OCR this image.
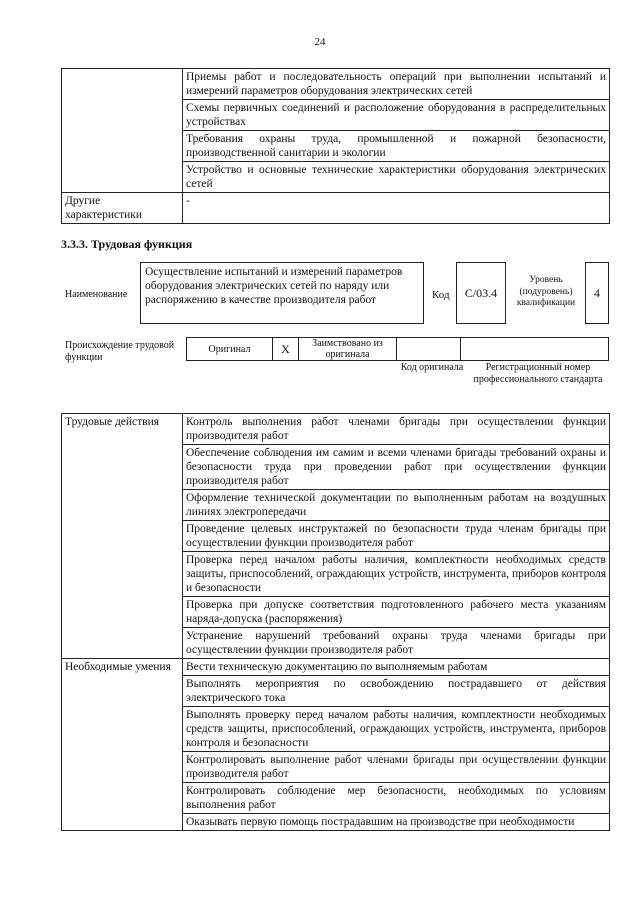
24
	Приемы работ и последовательность операций при выполнении испытаний и измерений параметров оборудования электрических сетей
	Схемы первичных соединений и расположение оборудования в распределительных устройствах
	Требования охраны труда, промышленной и пожарной безопасности, производственной санитарии и экологии
	Устройство и основные технические характеристики оборудования электрических сетей
Другие характеристики	-
3.3.3. Трудовая функция
Наименование
Осуществление испытаний и измерений параметров оборудования электрических сетей по наряду или распоряжению в качестве производителя работ	Код	C/03.4
Уровень (подуровень) квалификации
4
Происхождение трудовой функции
Оригинал	X	Заимствовано из оригинала		
Код оригинала	Регистрационный номер профессионального стандарта
Трудовые действия	Контроль выполнения работ членами бригады при осуществлении функции производителя работ
	Обеспечение соблюдения им самим и всеми членами бригады требований охраны и безопасности труда при проведении работ при осуществлении функции производителя работ
	Оформление технической документации по выполненным работам на воздушных линиях электропередачи
	Проведение целевых инструктажей по безопасности труда членам бригады при осуществлении функции производителя работ
	Проверка перед началом работы наличия, комплектности необходимых средств защиты, приспособлений, ограждающих устройств, инструмента, приборов контроля и безопасности
	Проверка при допуске соответствия подготовленного рабочего места указаниям наряда-допуска (распоряжения)
	Устранение нарушений требований охраны труда членами бригады при осуществлении функции производителя работ
Необходимые умения	Вести техническую документацию по выполняемым работам
	Выполнять мероприятия по освобождению пострадавшего от действия электрического тока
	Выполнять проверку перед началом работы наличия, комплектности необходимых средств защиты, приспособлений, ограждающих устройств, инструмента, приборов контроля и безопасности
	Контролировать выполнение работ членами бригады при осуществлении функции производителя работ
	Контролировать соблюдение мер безопасности, необходимых по условиям выполнения работ
	Оказывать первую помощь пострадавшим на производстве при необходимости
